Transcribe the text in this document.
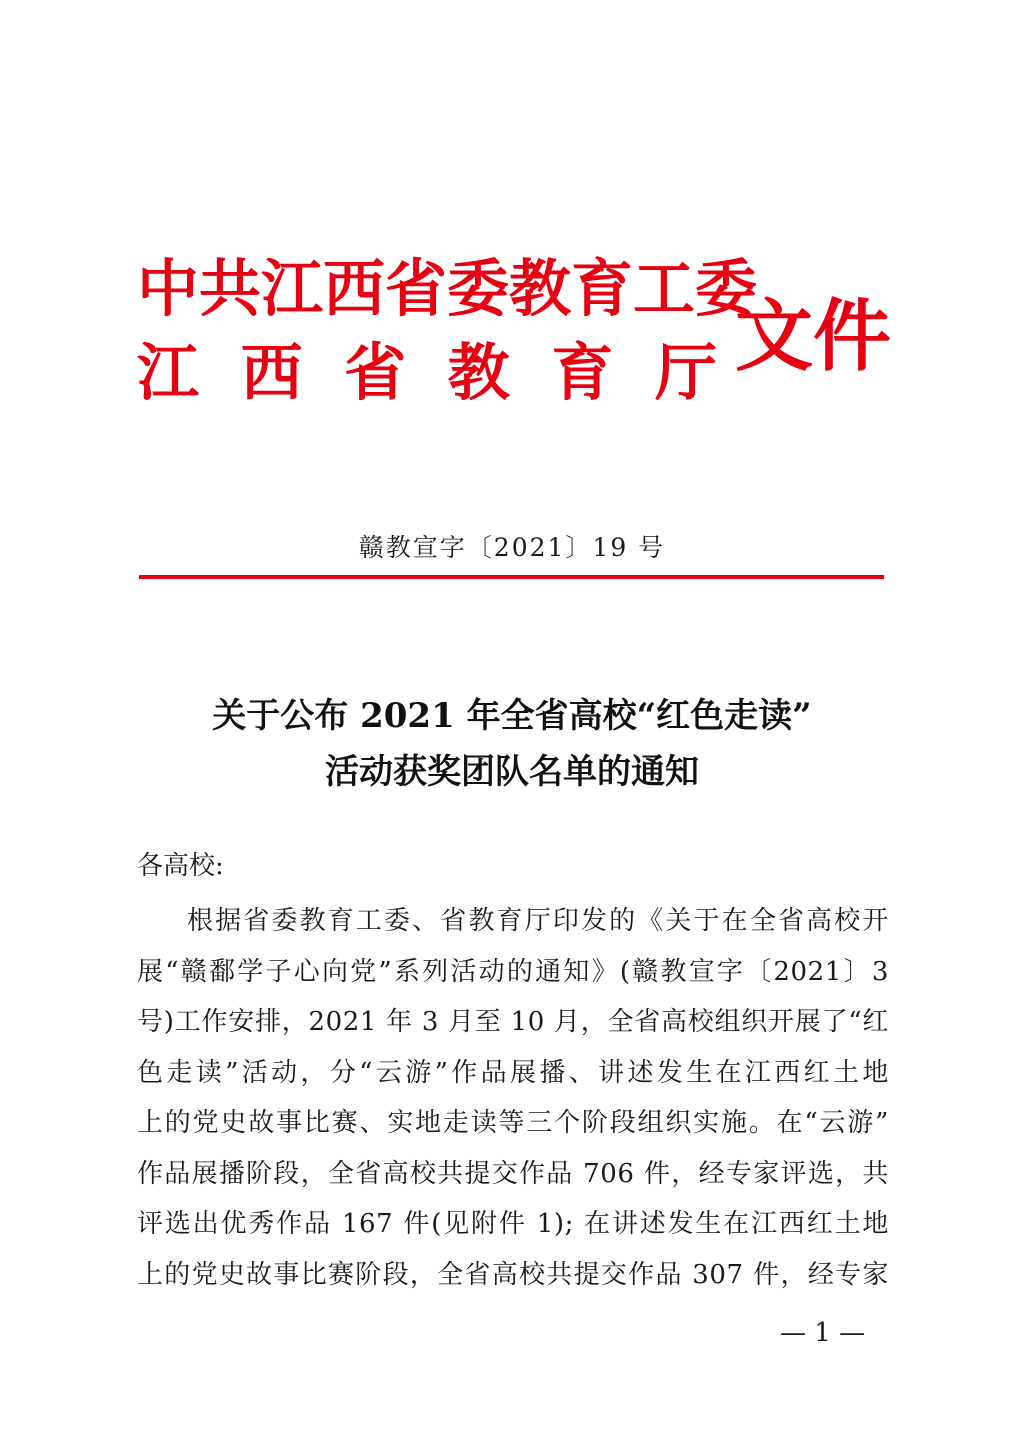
中共江西省委教育工委
江 西 省 教 育 厅 文件
赣教宣字〔2021〕19 号
关于公布 2021 年全省高校“红色走读”
活动获奖团队名单的通知
各高校:
根据省委教育工委、省教育厅印发的《关于在全省高校开
展“赣鄱学子心向党”系列活动的通知》(赣教宣字〔2021〕3
号)工作安排，2021 年 3 月至 10 月，全省高校组织开展了“红
色走读”活动，分“云游”作品展播、讲述发生在江西红土地
上的党史故事比赛、实地走读等三个阶段组织实施。在“云游”
作品展播阶段，全省高校共提交作品 706 件，经专家评选，共
评选出优秀作品 167 件(见附件 1); 在讲述发生在江西红土地
上的党史故事比赛阶段，全省高校共提交作品 307 件，经专家
— 1 —
